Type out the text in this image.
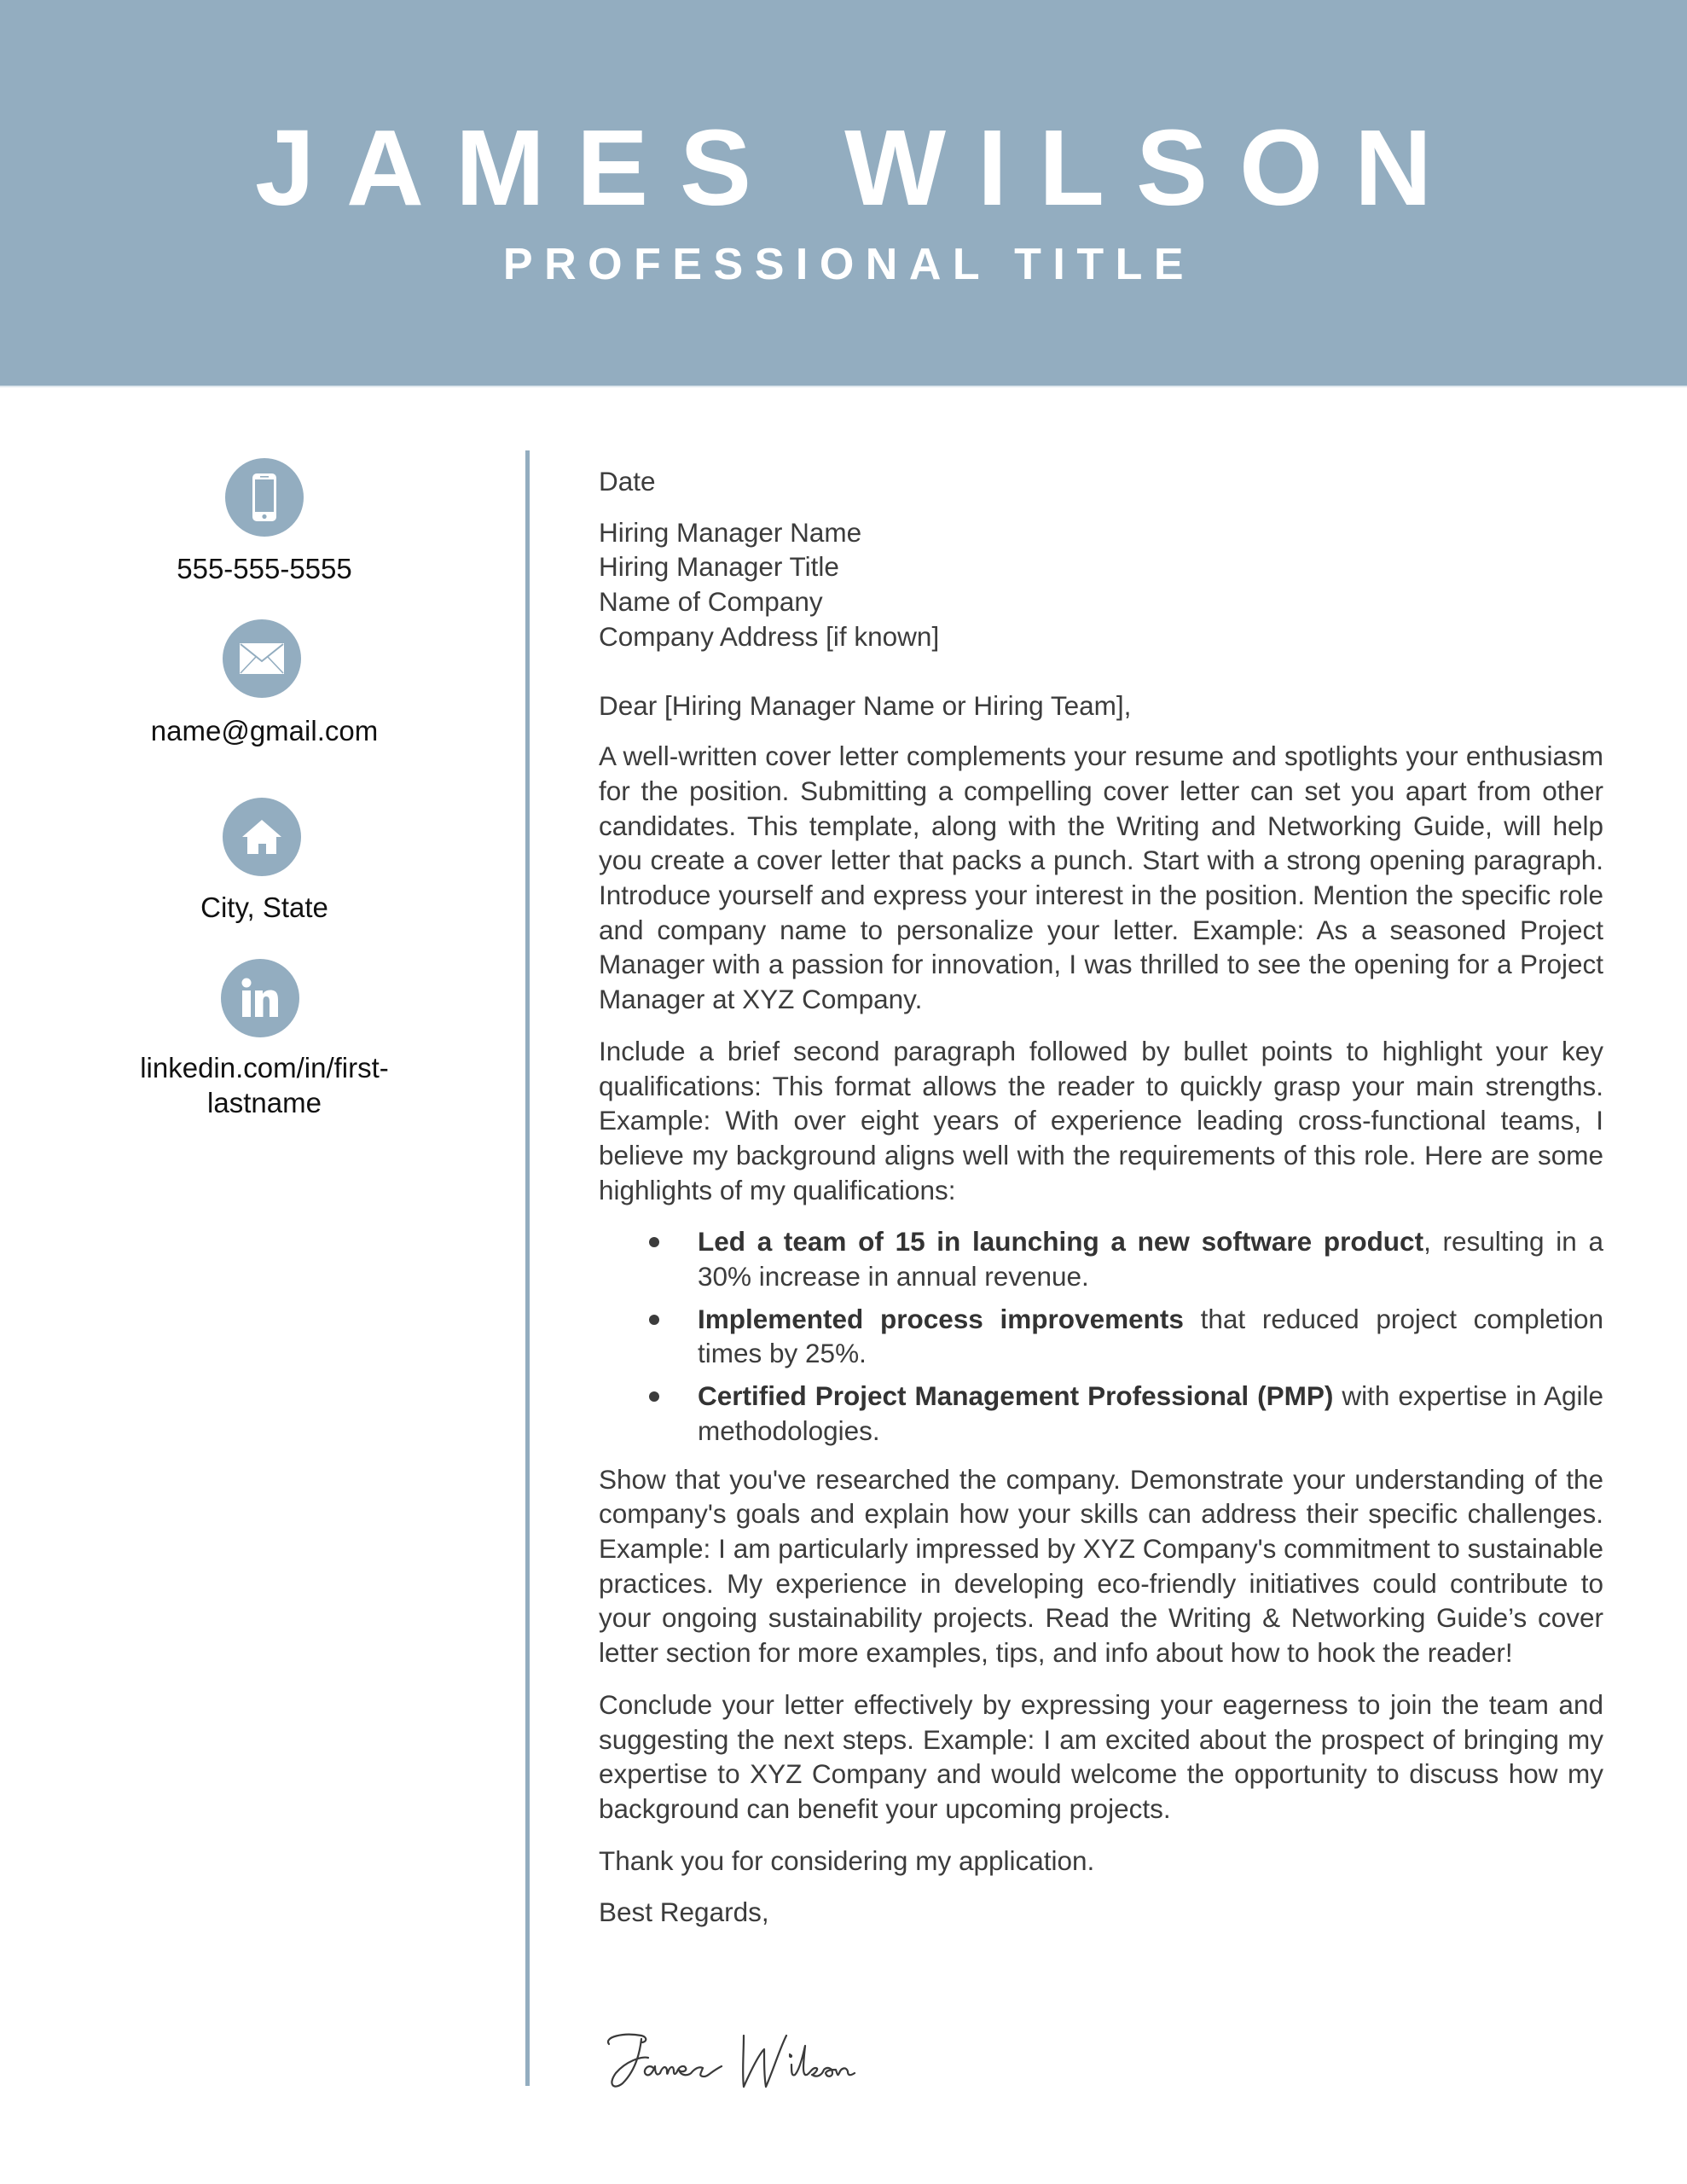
JAMES WILSON
PROFESSIONAL TITLE
555-555-5555
name@gmail.com
City, State
linkedin.com/in/first-
lastname

Date

Hiring Manager Name
Hiring Manager Title
Name of Company
Company Address [if known]

Dear [Hiring Manager Name or Hiring Team],

A well-written cover letter complements your resume and spotlights your enthusiasm for the position. Submitting a compelling cover letter can set you apart from other candidates. This template, along with the Writing and Networking Guide, will help you create a cover letter that packs a punch. Start with a strong opening paragraph. Introduce yourself and express your interest in the position. Mention the specific role and company name to personalize your letter. Example: As a seasoned Project Manager with a passion for innovation, I was thrilled to see the opening for a Project Manager at XYZ Company.

Include a brief second paragraph followed by bullet points to highlight your key qualifications: This format allows the reader to quickly grasp your main strengths. Example: With over eight years of experience leading cross-functional teams, I believe my background aligns well with the requirements of this role. Here are some highlights of my qualifications:

Led a team of 15 in launching a new software product, resulting in a 30% increase in annual revenue.
Implemented process improvements that reduced project completion times by 25%.
Certified Project Management Professional (PMP) with expertise in Agile methodologies.

Show that you've researched the company. Demonstrate your understanding of the company's goals and explain how your skills can address their specific challenges. Example: I am particularly impressed by XYZ Company's commitment to sustainable practices. My experience in developing eco-friendly initiatives could contribute to your ongoing sustainability projects. Read the Writing & Networking Guide’s cover letter section for more examples, tips, and info about how to hook the reader!

Conclude your letter effectively by expressing your eagerness to join the team and suggesting the next steps. Example: I am excited about the prospect of bringing my expertise to XYZ Company and would welcome the opportunity to discuss how my background can benefit your upcoming projects.

Thank you for considering my application.

Best Regards,
